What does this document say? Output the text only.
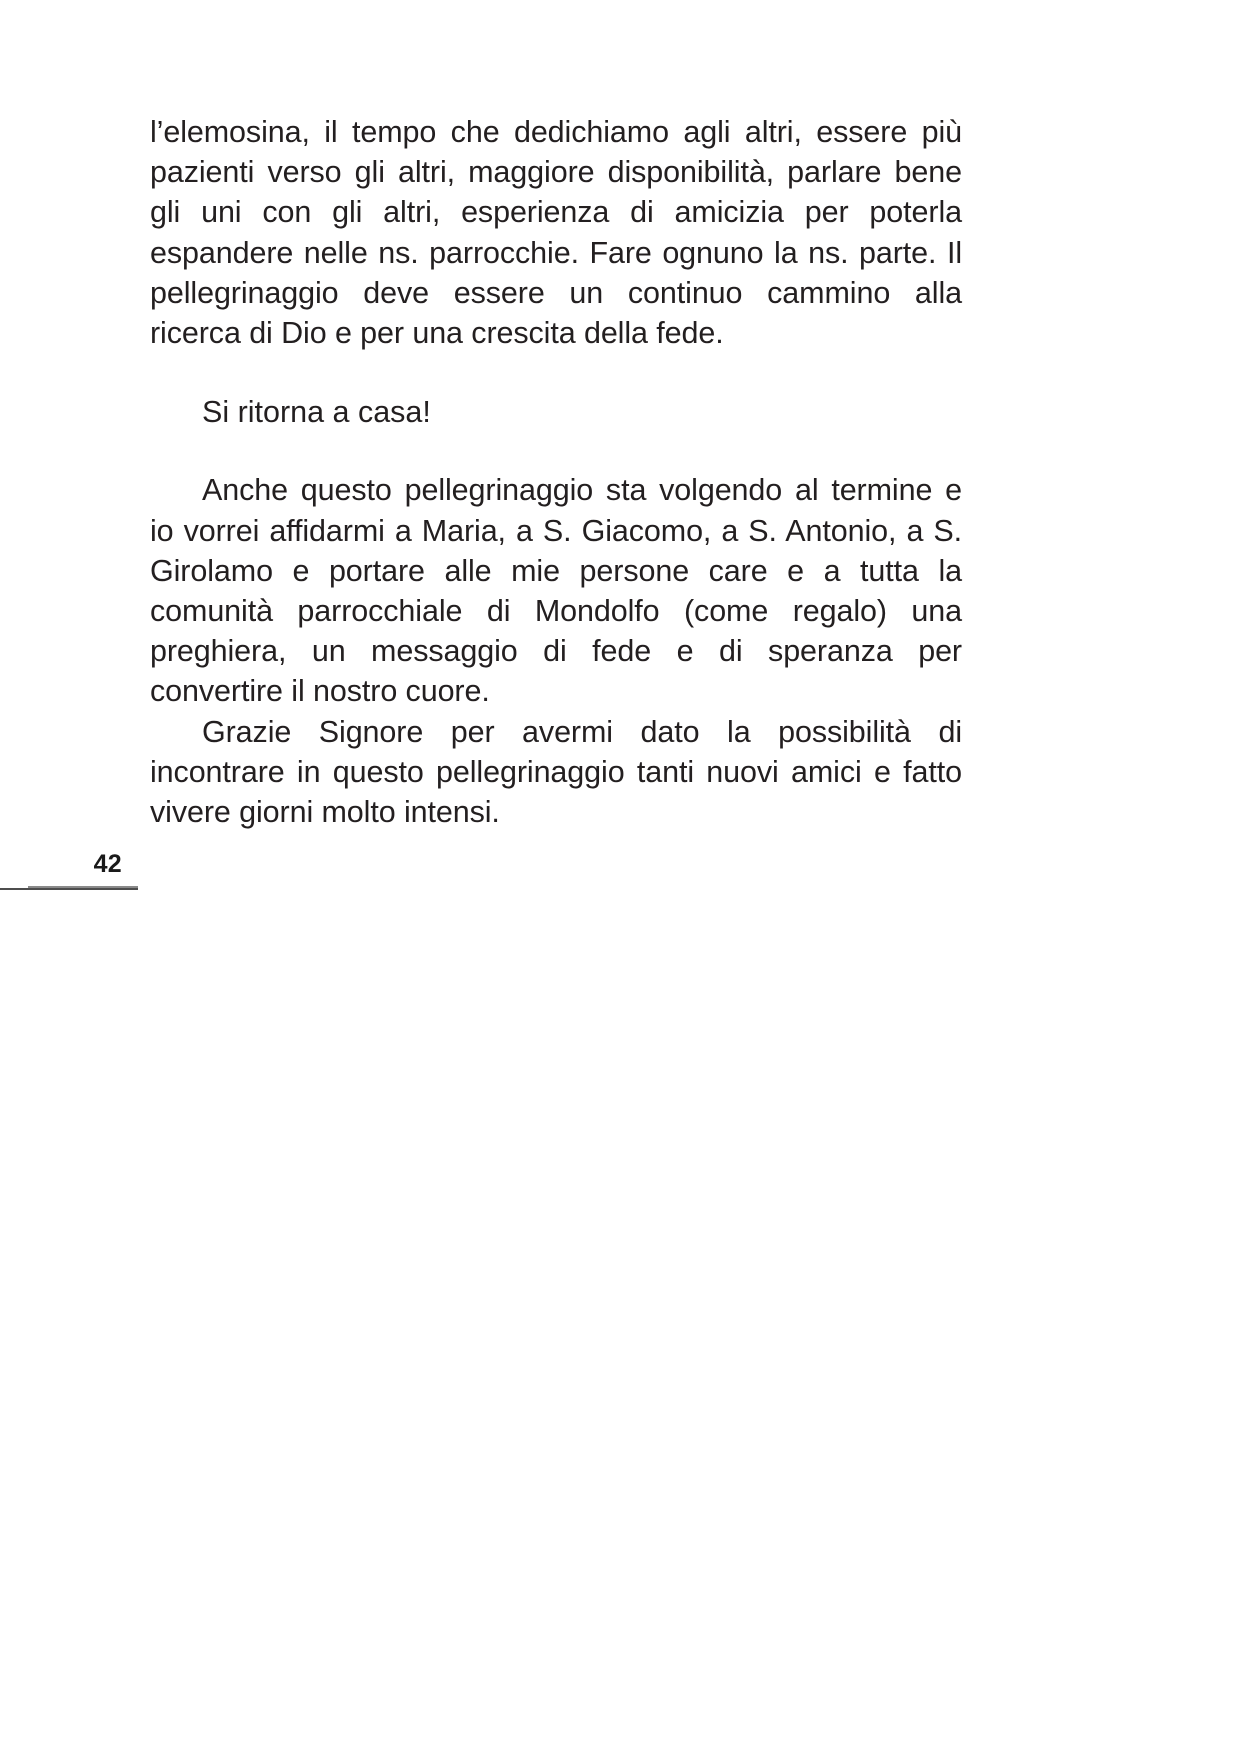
l’elemosina, il tempo che dedichiamo agli altri, essere più pazienti verso gli altri, maggiore disponibilità, parlare bene gli uni con gli altri, esperienza di amicizia per poterla espandere nelle ns. parrocchie. Fare ognuno la ns. parte. Il pellegrinaggio deve essere un continuo cammino alla ricerca di Dio e per una crescita della fede.

Si ritorna a casa!

Anche questo pellegrinaggio sta volgendo al termine e io vorrei affidarmi a Maria, a S. Giacomo, a S. Antonio, a S. Girolamo e portare alle mie persone care e a tutta la comunità parrocchiale di Mondolfo (come regalo) una preghiera, un messaggio di fede e di speranza per convertire il nostro cuore.

Grazie Signore per avermi dato la possibilità di incontrare in questo pellegrinaggio tanti nuovi amici e fatto vivere giorni molto intensi.

42
